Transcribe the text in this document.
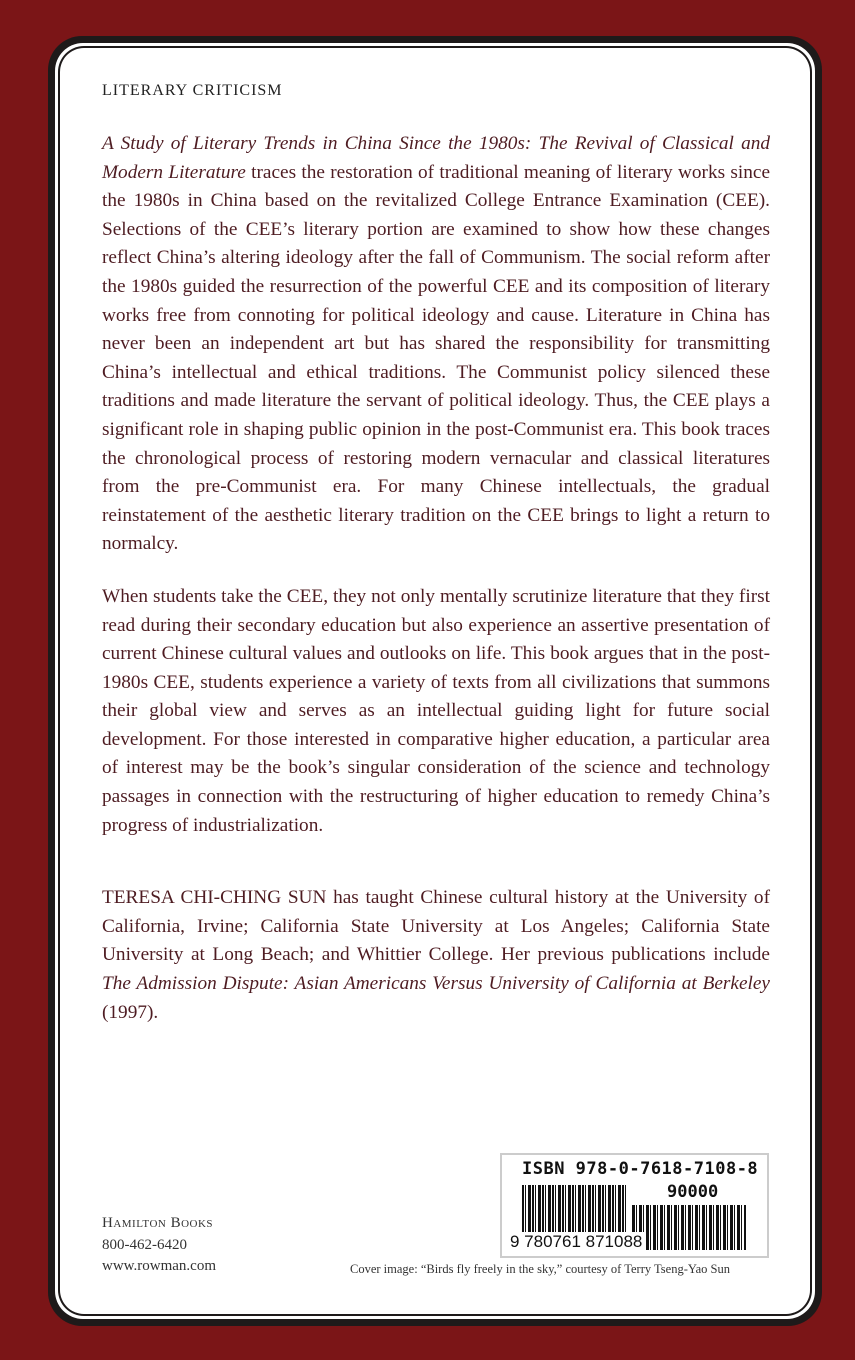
LITERARY CRITICISM

A Study of Literary Trends in China Since the 1980s: The Revival of Classical and Modern Literature traces the restoration of traditional meaning of literary works since the 1980s in China based on the revitalized College Entrance Examination (CEE). Selections of the CEE’s literary portion are examined to show how these changes reflect China’s altering ideology after the fall of Communism. The social reform after the 1980s guided the resurrection of the powerful CEE and its composition of literary works free from connoting for political ideology and cause. Literature in China has never been an independent art but has shared the responsibility for transmitting China’s intellectual and ethical traditions. The Communist policy silenced these traditions and made literature the servant of political ideology. Thus, the CEE plays a significant role in shaping public opinion in the post-Communist era. This book traces the chronological process of restoring modern vernacular and classical literatures from the pre-Communist era. For many Chinese intellectuals, the gradual reinstatement of the aesthetic literary tradition on the CEE brings to light a return to normalcy.

When students take the CEE, they not only mentally scrutinize literature that they first read during their secondary education but also experience an assertive presentation of current Chinese cultural values and outlooks on life. This book argues that in the post-1980s CEE, students experience a variety of texts from all civilizations that summons their global view and serves as an intellectual guiding light for future social development. For those interested in comparative higher education, a particular area of interest may be the book’s singular consideration of the science and technology passages in connection with the restructuring of higher education to remedy China’s progress of industrialization.

TERESA CHI-CHING SUN has taught Chinese cultural history at the University of California, Irvine; California State University at Los Angeles; California State University at Long Beach; and Whittier College. Her previous publications include The Admission Dispute: Asian Americans Versus University of California at Berkeley (1997).

Hamilton Books
800-462-6420
www.rowman.com
ISBN 978-0-7618-7108-8
90000
9 780761 871088
Cover image: “Birds fly freely in the sky,” courtesy of Terry Tseng-Yao Sun
